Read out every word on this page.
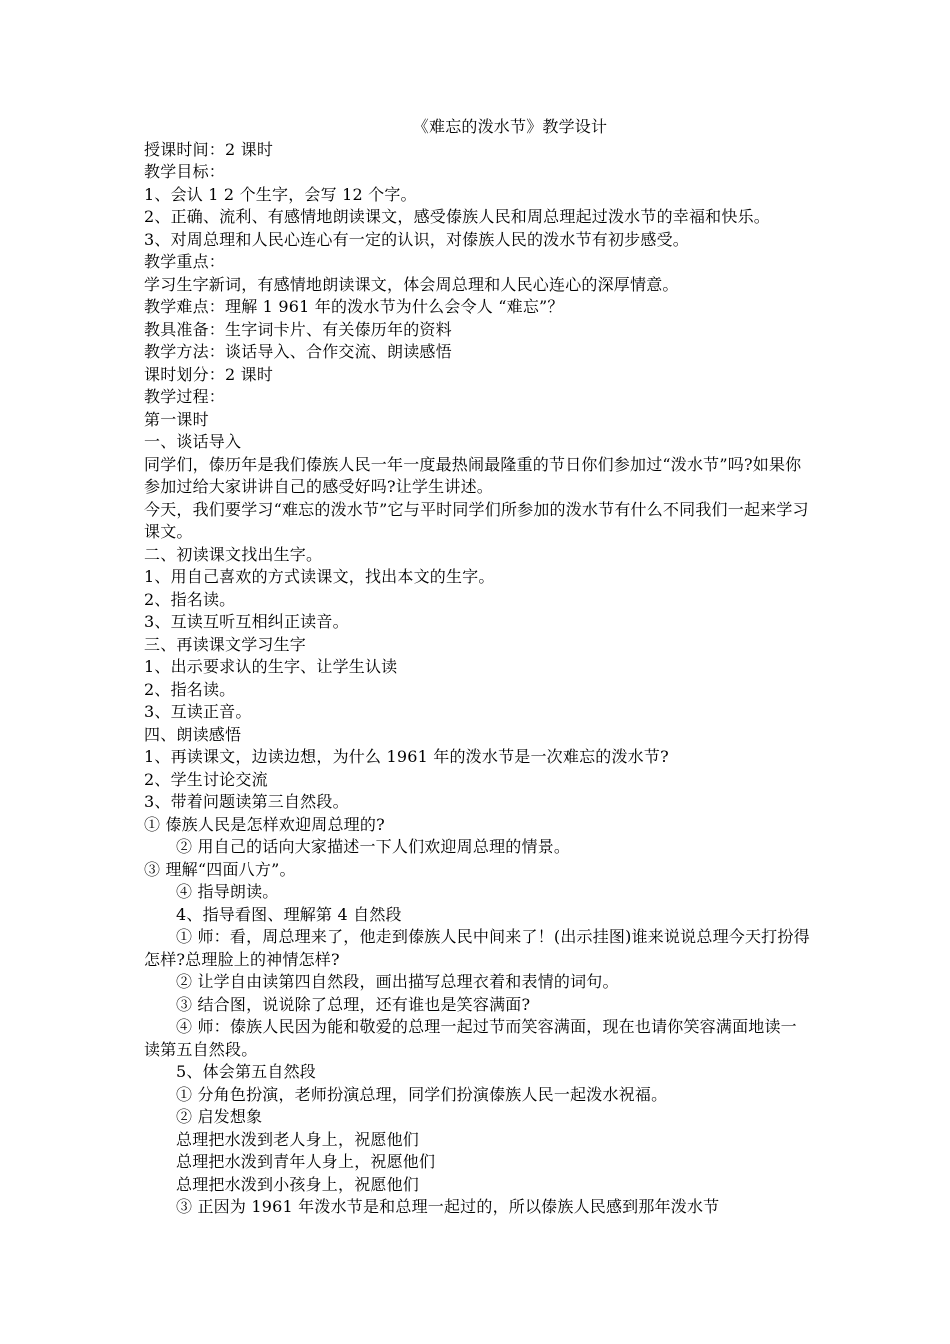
《难忘的泼水节》教学设计

授课时间：2 课时

教学目标：

1、会认 1 2 个生字，会写 12 个字。

2、正确、流利、有感情地朗读课文，感受傣族人民和周总理起过泼水节的幸福和快乐。

3、对周总理和人民心连心有一定的认识，对傣族人民的泼水节有初步感受。

教学重点：

学习生字新词，有感情地朗读课文，体会周总理和人民心连心的深厚情意。

教学难点：理解 1 961 年的泼水节为什么会令人 “难忘”？

教具准备：生字词卡片、有关傣历年的资料

教学方法：谈话导入、合作交流、朗读感悟

课时划分：2 课时

教学过程：

第一课时

一、谈话导入

同学们，傣历年是我们傣族人民一年一度最热闹最隆重的节日你们参加过“泼水节”吗?如果你参加过给大家讲讲自己的感受好吗?让学生讲述。

今天，我们要学习“难忘的泼水节”它与平时同学们所参加的泼水节有什么不同我们一起来学习课文。

二、初读课文找出生字。

1、用自己喜欢的方式读课文，找出本文的生字。

2、指名读。

3、互读互听互相纠正读音。

三、再读课文学习生字

1、出示要求认的生字、让学生认读

2、指名读。

3、互读正音。

四、朗读感悟

1、再读课文，边读边想，为什么 1961 年的泼水节是一次难忘的泼水节?

2、学生讨论交流

3、带着问题读第三自然段。

① 傣族人民是怎样欢迎周总理的?

② 用自己的话向大家描述一下人们欢迎周总理的情景。

③ 理解“四面八方”。

④ 指导朗读。

4、指导看图、理解第 4 自然段

① 师：看，周总理来了，他走到傣族人民中间来了！(出示挂图)谁来说说总理今天打扮得怎样?总理脸上的神情怎样?

② 让学自由读第四自然段，画出描写总理衣着和表情的词句。

③ 结合图，说说除了总理，还有谁也是笑容满面?

④ 师：傣族人民因为能和敬爱的总理一起过节而笑容满面，现在也请你笑容满面地读一读第五自然段。

5、体会第五自然段

① 分角色扮演，老师扮演总理，同学们扮演傣族人民一起泼水祝福。

② 启发想象

总理把水泼到老人身上，祝愿他们

总理把水泼到青年人身上，祝愿他们

总理把水泼到小孩身上，祝愿他们

③ 正因为 1961 年泼水节是和总理一起过的，所以傣族人民感到那年泼水节
